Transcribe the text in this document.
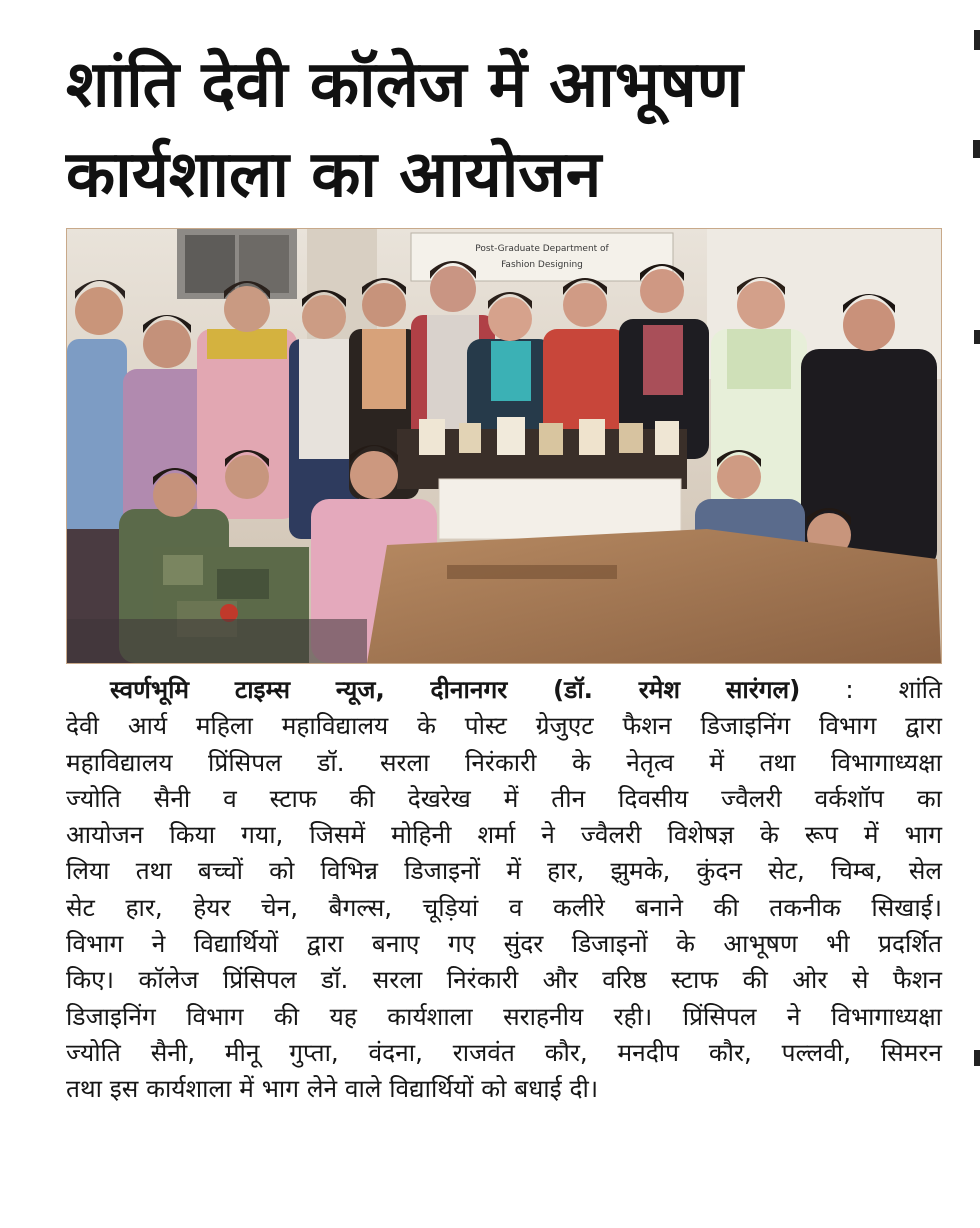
शांति देवी कॉलेज में आभूषण
कार्यशाला का आयोजन
Post-Graduate Department of
Fashion Designing
स्वर्णभूमि टाइम्स न्यूज, दीनानगर (डॉ. रमेश सारंगल) : शांति
देवी आर्य महिला महाविद्यालय के पोस्ट ग्रेजुएट फैशन डिजाइनिंग विभाग द्वारा
महाविद्यालय प्रिंसिपल डॉ. सरला निरंकारी के नेतृत्व में तथा विभागाध्यक्षा
ज्योति सैनी व स्टाफ की देखरेख में तीन दिवसीय ज्वैलरी वर्कशॉप का
आयोजन किया गया, जिसमें मोहिनी शर्मा ने ज्वैलरी विशेषज्ञ के रूप में भाग
लिया तथा बच्चों को विभिन्न डिजाइनों में हार, झुमके, कुंदन सेट, चिम्ब, सेल
सेट हार, हेयर चेन, बैगल्स, चूड़ियां व कलीरे बनाने की तकनीक सिखाई।
विभाग ने विद्यार्थियों द्वारा बनाए गए सुंदर डिजाइनों के आभूषण भी प्रदर्शित
किए। कॉलेज प्रिंसिपल डॉ. सरला निरंकारी और वरिष्ठ स्टाफ की ओर से फैशन
डिजाइनिंग विभाग की यह कार्यशाला सराहनीय रही। प्रिंसिपल ने विभागाध्यक्षा
ज्योति सैनी, मीनू गुप्ता, वंदना, राजवंत कौर, मनदीप कौर, पल्लवी, सिमरन
तथा इस कार्यशाला में भाग लेने वाले विद्यार्थियों को बधाई दी।
